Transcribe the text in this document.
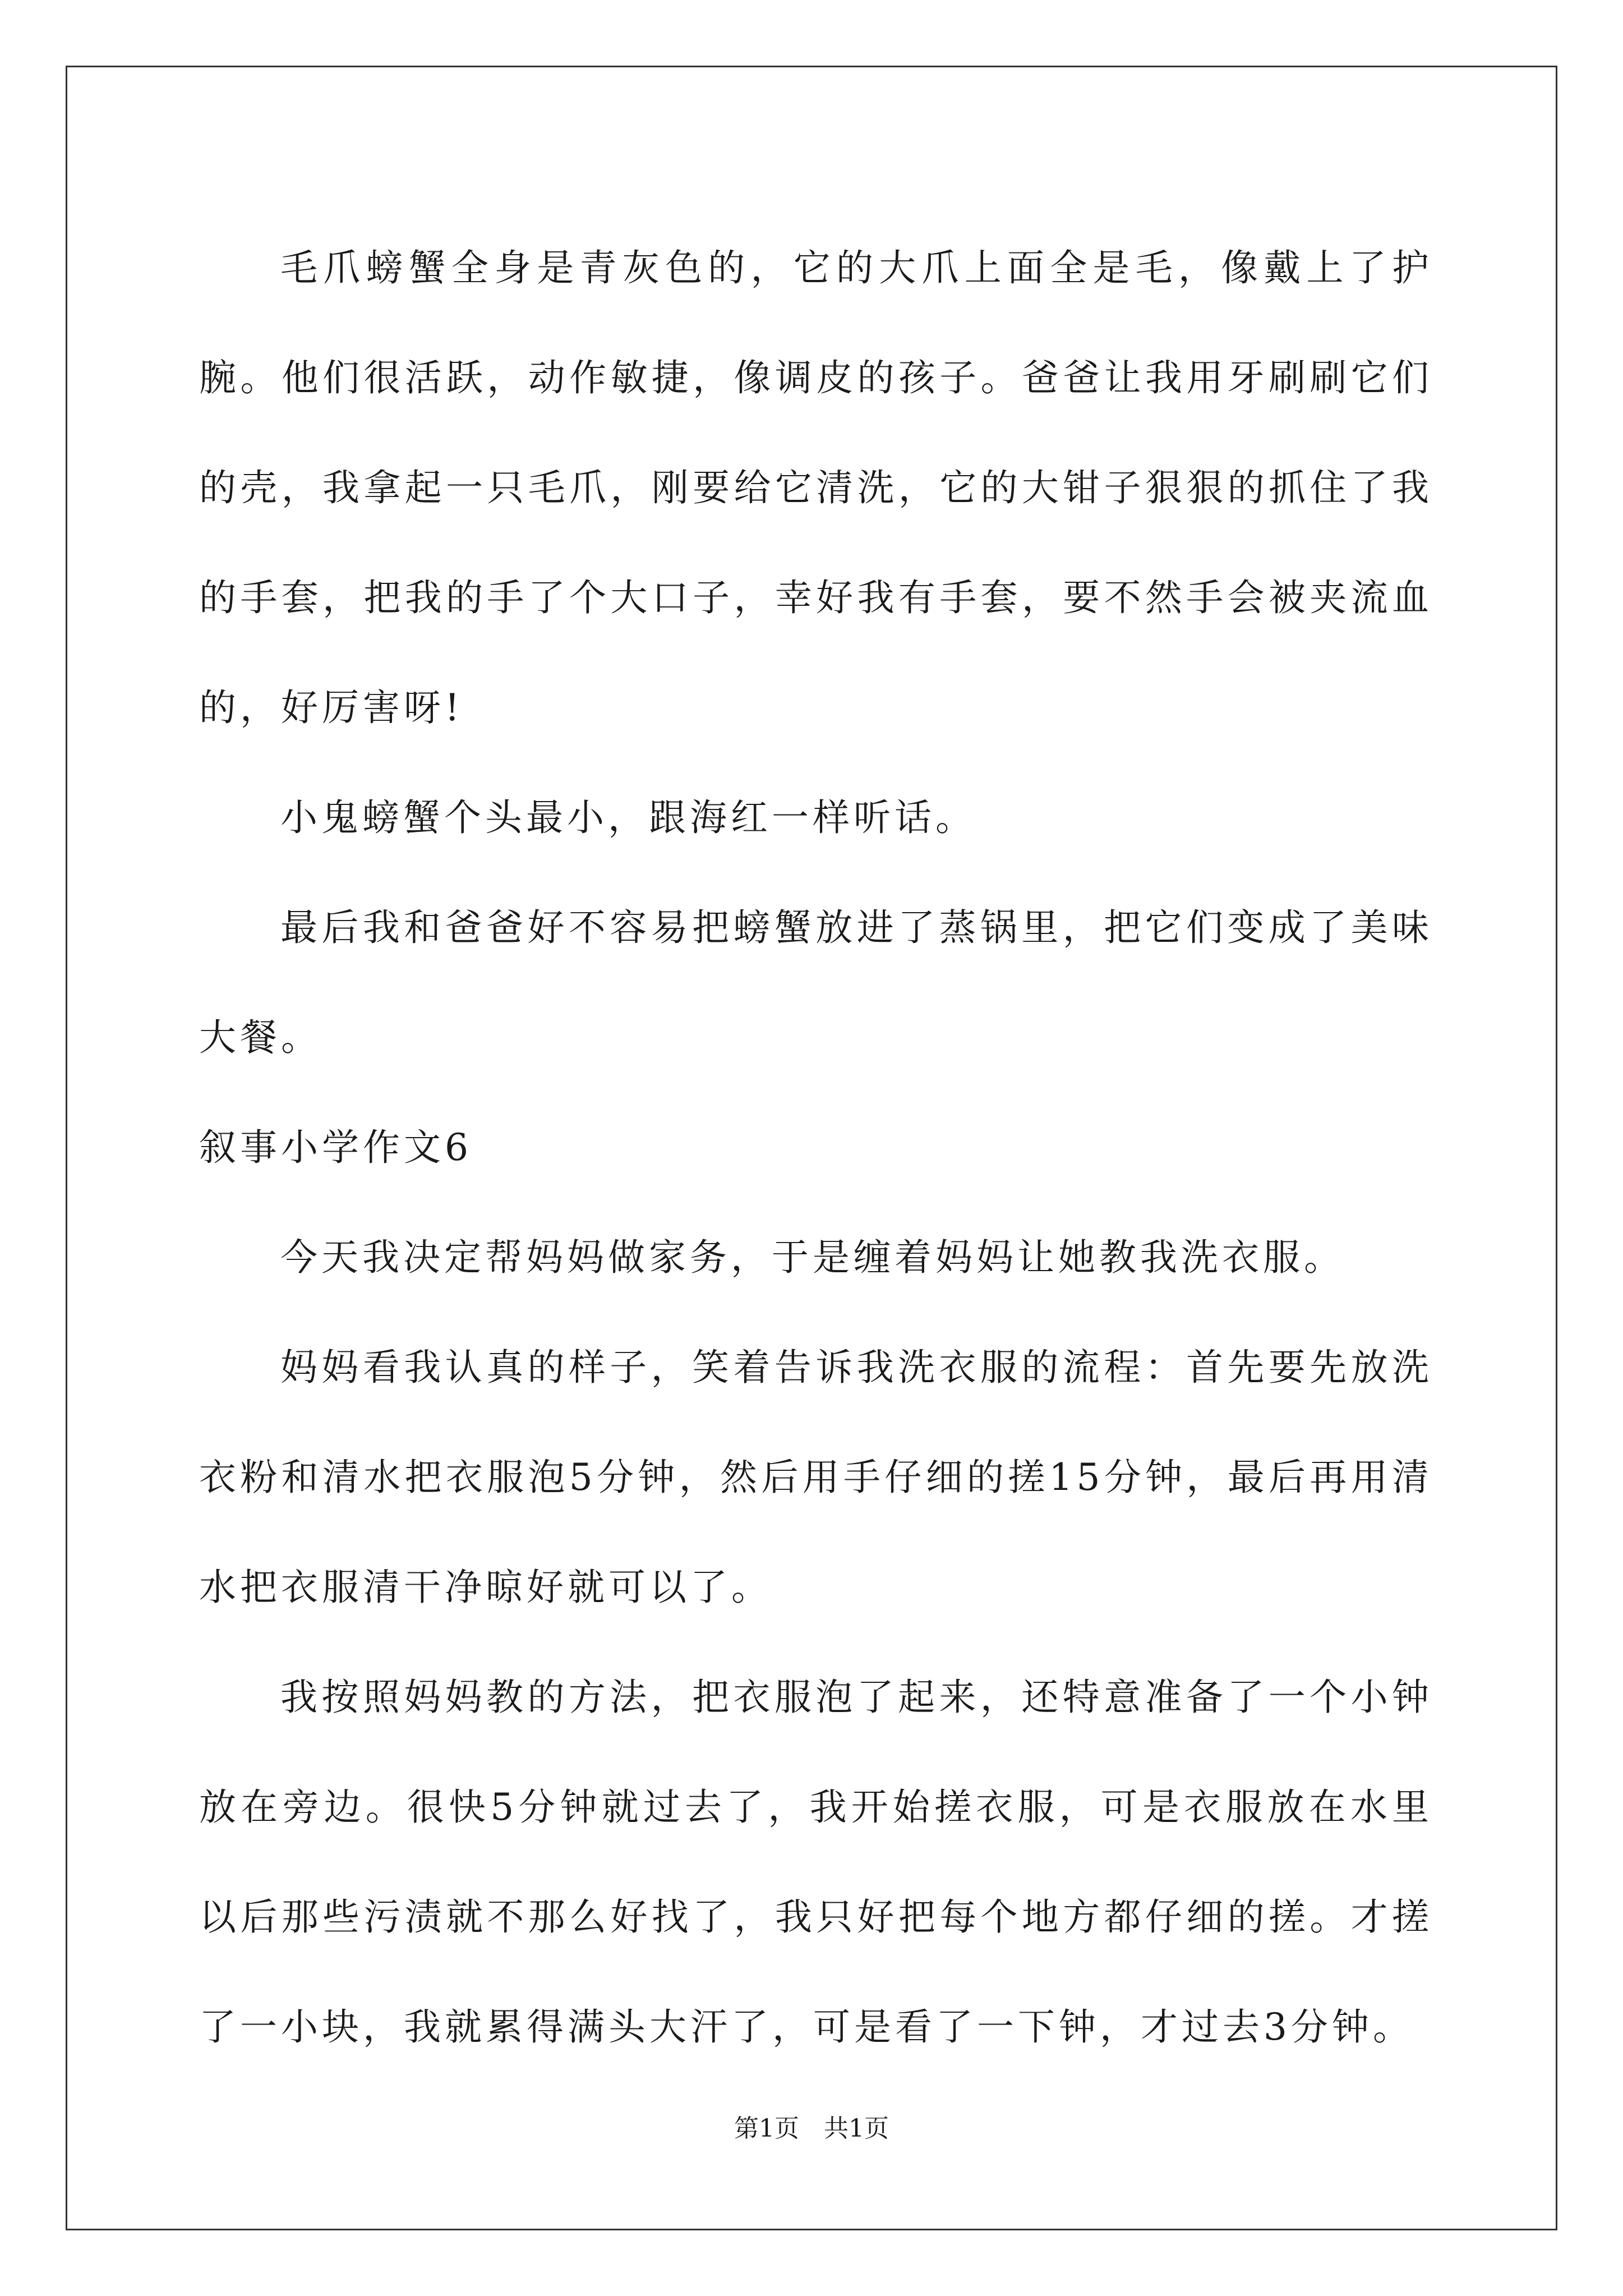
毛爪螃蟹全身是青灰色的，它的大爪上面全是毛，像戴上了护腕。他们很活跃，动作敏捷，像调皮的孩子。爸爸让我用牙刷刷它们的壳，我拿起一只毛爪，刚要给它清洗，它的大钳子狠狠的抓住了我的手套，把我的手了个大口子，幸好我有手套，要不然手会被夹流血的，好厉害呀!

小鬼螃蟹个头最小，跟海红一样听话。

最后我和爸爸好不容易把螃蟹放进了蒸锅里，把它们变成了美味大餐。

叙事小学作文6

今天我决定帮妈妈做家务，于是缠着妈妈让她教我洗衣服。

妈妈看我认真的样子，笑着告诉我洗衣服的流程：首先要先放洗衣粉和清水把衣服泡5分钟，然后用手仔细的搓15分钟，最后再用清水把衣服清干净晾好就可以了。

我按照妈妈教的方法，把衣服泡了起来，还特意准备了一个小钟放在旁边。很快5分钟就过去了，我开始搓衣服，可是衣服放在水里以后那些污渍就不那么好找了，我只好把每个地方都仔细的搓。才搓了一小块，我就累得满头大汗了，可是看了一下钟，才过去3分钟。

第1页　共1页
